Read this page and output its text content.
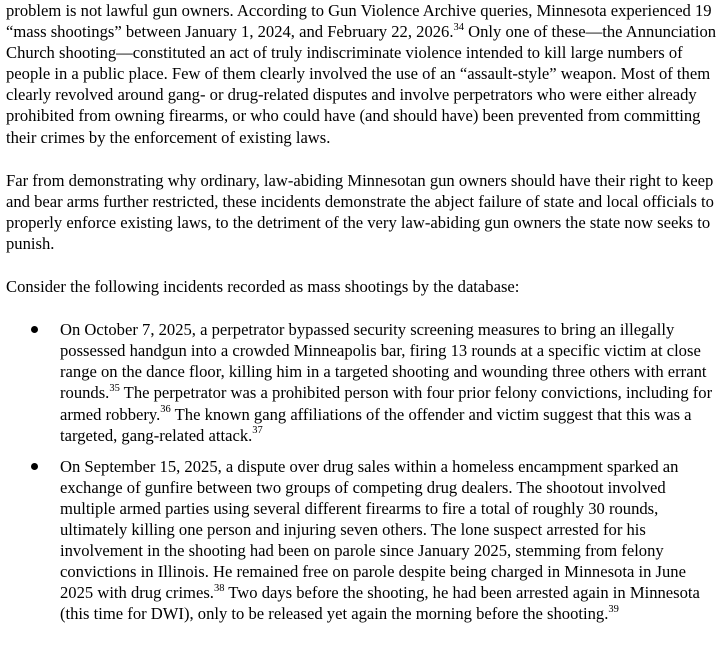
problem is not lawful gun owners. According to Gun Violence Archive queries, Minnesota experienced 19 “mass shootings” between January 1, 2024, and February 22, 2026.34 Only one of these—the Annunciation Church shooting—constituted an act of truly indiscriminate violence intended to kill large numbers of people in a public place. Few of them clearly involved the use of an “assault-style” weapon. Most of them clearly revolved around gang- or drug-related disputes and involve perpetrators who were either already prohibited from owning firearms, or who could have (and should have) been prevented from committing their crimes by the enforcement of existing laws.

Far from demonstrating why ordinary, law-abiding Minnesotan gun owners should have their right to keep and bear arms further restricted, these incidents demonstrate the abject failure of state and local officials to properly enforce existing laws, to the detriment of the very law-abiding gun owners the state now seeks to punish.

Consider the following incidents recorded as mass shootings by the database:

On October 7, 2025, a perpetrator bypassed security screening measures to bring an illegally possessed handgun into a crowded Minneapolis bar, firing 13 rounds at a specific victim at close range on the dance floor, killing him in a targeted shooting and wounding three others with errant rounds.$^{35}$ The perpetrator was a prohibited person with four prior felony convictions, including for armed robbery.$^{36}$ The known gang affiliations of the offender and victim suggest that this was a targeted, gang-related attack.$^{37}$
On September 15, 2025, a dispute over drug sales within a homeless encampment sparked an exchange of gunfire between two groups of competing drug dealers. The shootout involved multiple armed parties using several different firearms to fire a total of roughly 30 rounds, ultimately killing one person and injuring seven others. The lone suspect arrested for his involvement in the shooting had been on parole since January 2025, stemming from felony convictions in Illinois. He remained free on parole despite being charged in Minnesota in June 2025 with drug crimes.$^{38}$ Two days before the shooting, he had been arrested again in Minnesota (this time for DWI), only to be released yet again the morning before the shooting.$^{39}$
